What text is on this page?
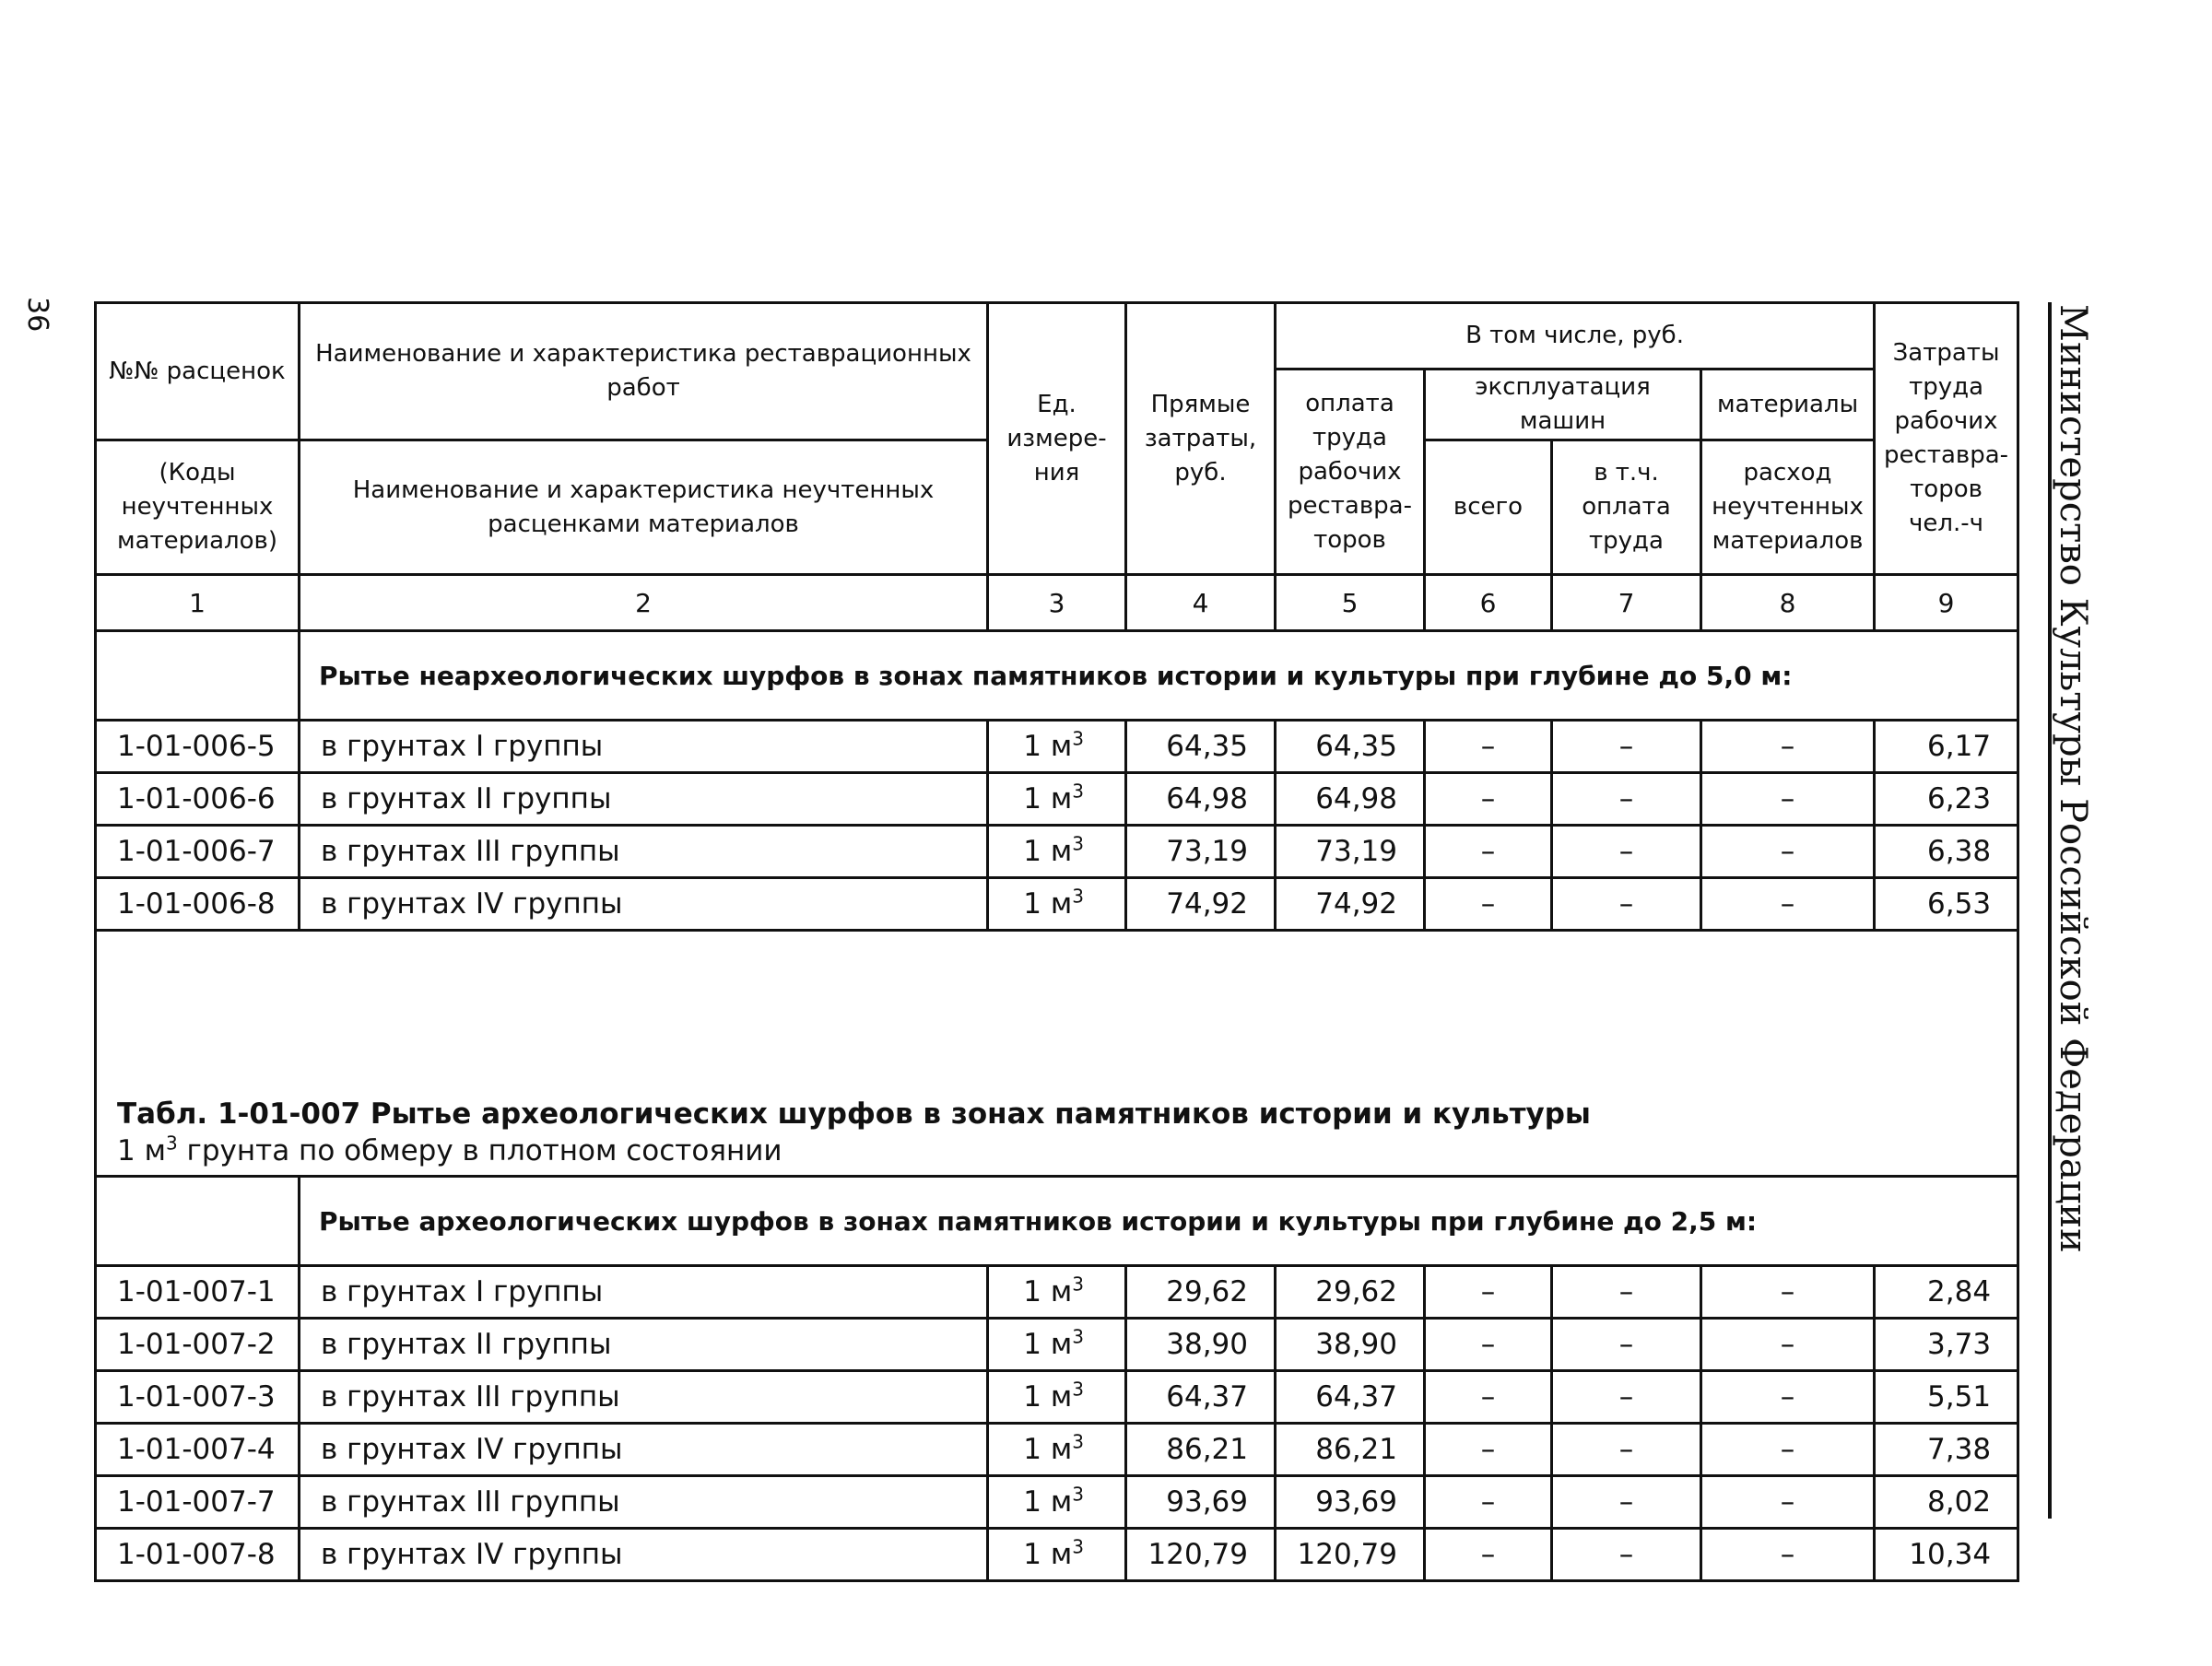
36	Министерство Культуры Российской Федерации
№№ расценок	Наименование и характеристика реставрационных работ	Ед. измере-ния	Прямые затраты, руб.	В том числе, руб.				Затраты труда рабочих реставра-торов чел.-ч
				оплата труда рабочих реставра-торов	эксплуатация машин		материалы	
(Коды неучтенных материалов)	Наименование и характеристика неучтенных расценками материалов				всего	в т.ч. оплата труда	расход неучтенных материалов	

1	2	3	4	5	6	7	8	9
	Рытье неархеологических шурфов в зонах памятников истории и культуры при глубине до 5,0 м:							
1-01-006-5	в грунтах I группы	1 $м^3$	64,35	64,35	–	–	–	6,17
1-01-006-6	в грунтах II группы	1 $м^3$	64,98	64,98	–	–	–	6,23
1-01-006-7	в грунтах III группы	1 $м^3$	73,19	73,19	–	–	–	6,38
1-01-006-8	в грунтах IV группы	1 $м^3$	74,92	74,92	–	–	–	6,53

Табл. 1-01-007 Рытье археологических шурфов в зонах памятников истории и культуры
1 $м^3$ грунта по обмеру в плотном состоянии								
	Рытье археологических шурфов в зонах памятников истории и культуры при глубине до 2,5 м:							
1-01-007-1	в грунтах I группы	1 $м^3$	29,62	29,62	–	–	–	2,84
1-01-007-2	в грунтах II группы	1 $м^3$	38,90	38,90	–	–	–	3,73
1-01-007-3	в грунтах III группы	1 $м^3$	64,37	64,37	–	–	–	5,51
1-01-007-4	в грунтах IV группы	1 $м^3$	86,21	86,21	–	–	–	7,38
1-01-007-7	в грунтах III группы	1 $м^3$	93,69	93,69	–	–	–	8,02
1-01-007-8	в грунтах IV группы	1 $м^3$	120,79	120,79	–	–	–	10,34
